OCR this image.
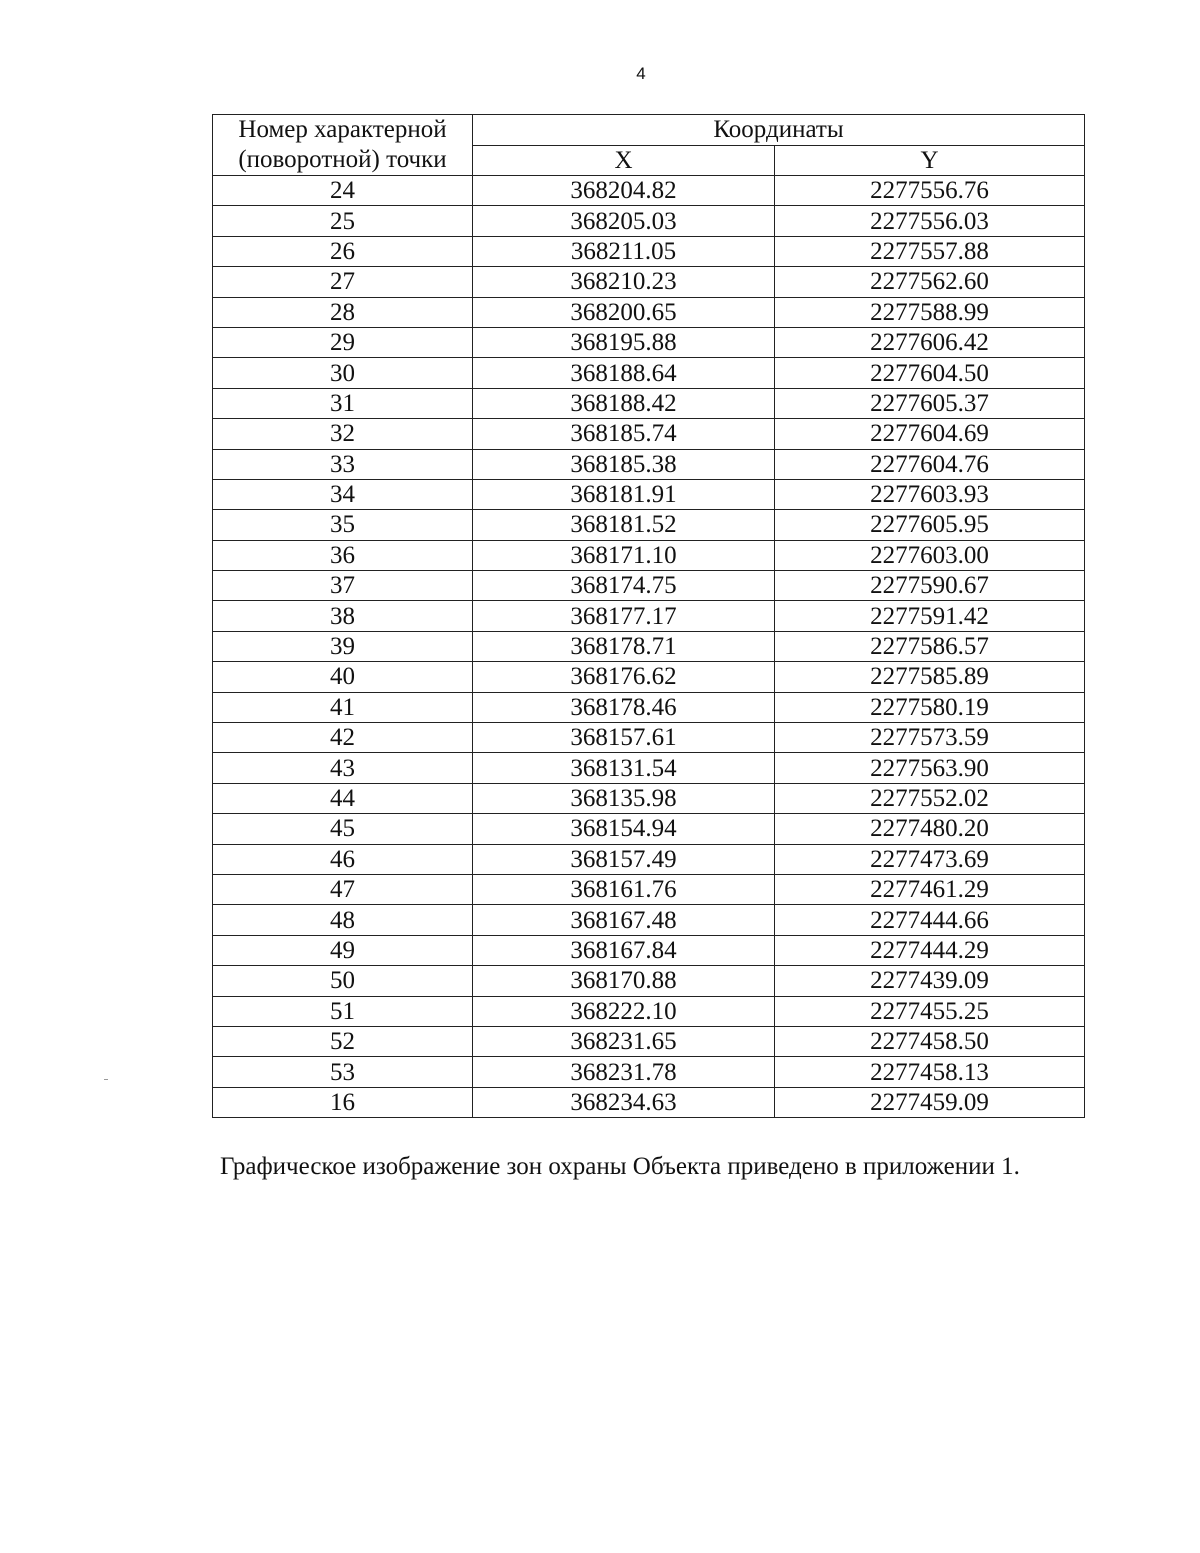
4
Номер характерной
(поворотной) точки	Координаты	
	X	Y
24	368204.82	2277556.76
25	368205.03	2277556.03
26	368211.05	2277557.88
27	368210.23	2277562.60
28	368200.65	2277588.99
29	368195.88	2277606.42
30	368188.64	2277604.50
31	368188.42	2277605.37
32	368185.74	2277604.69
33	368185.38	2277604.76
34	368181.91	2277603.93
35	368181.52	2277605.95
36	368171.10	2277603.00
37	368174.75	2277590.67
38	368177.17	2277591.42
39	368178.71	2277586.57
40	368176.62	2277585.89
41	368178.46	2277580.19
42	368157.61	2277573.59
43	368131.54	2277563.90
44	368135.98	2277552.02
45	368154.94	2277480.20
46	368157.49	2277473.69
47	368161.76	2277461.29
48	368167.48	2277444.66
49	368167.84	2277444.29
50	368170.88	2277439.09
51	368222.10	2277455.25
52	368231.65	2277458.50
53	368231.78	2277458.13
16	368234.63	2277459.09
Графическое изображение зон охраны Объекта приведено в приложении 1.
